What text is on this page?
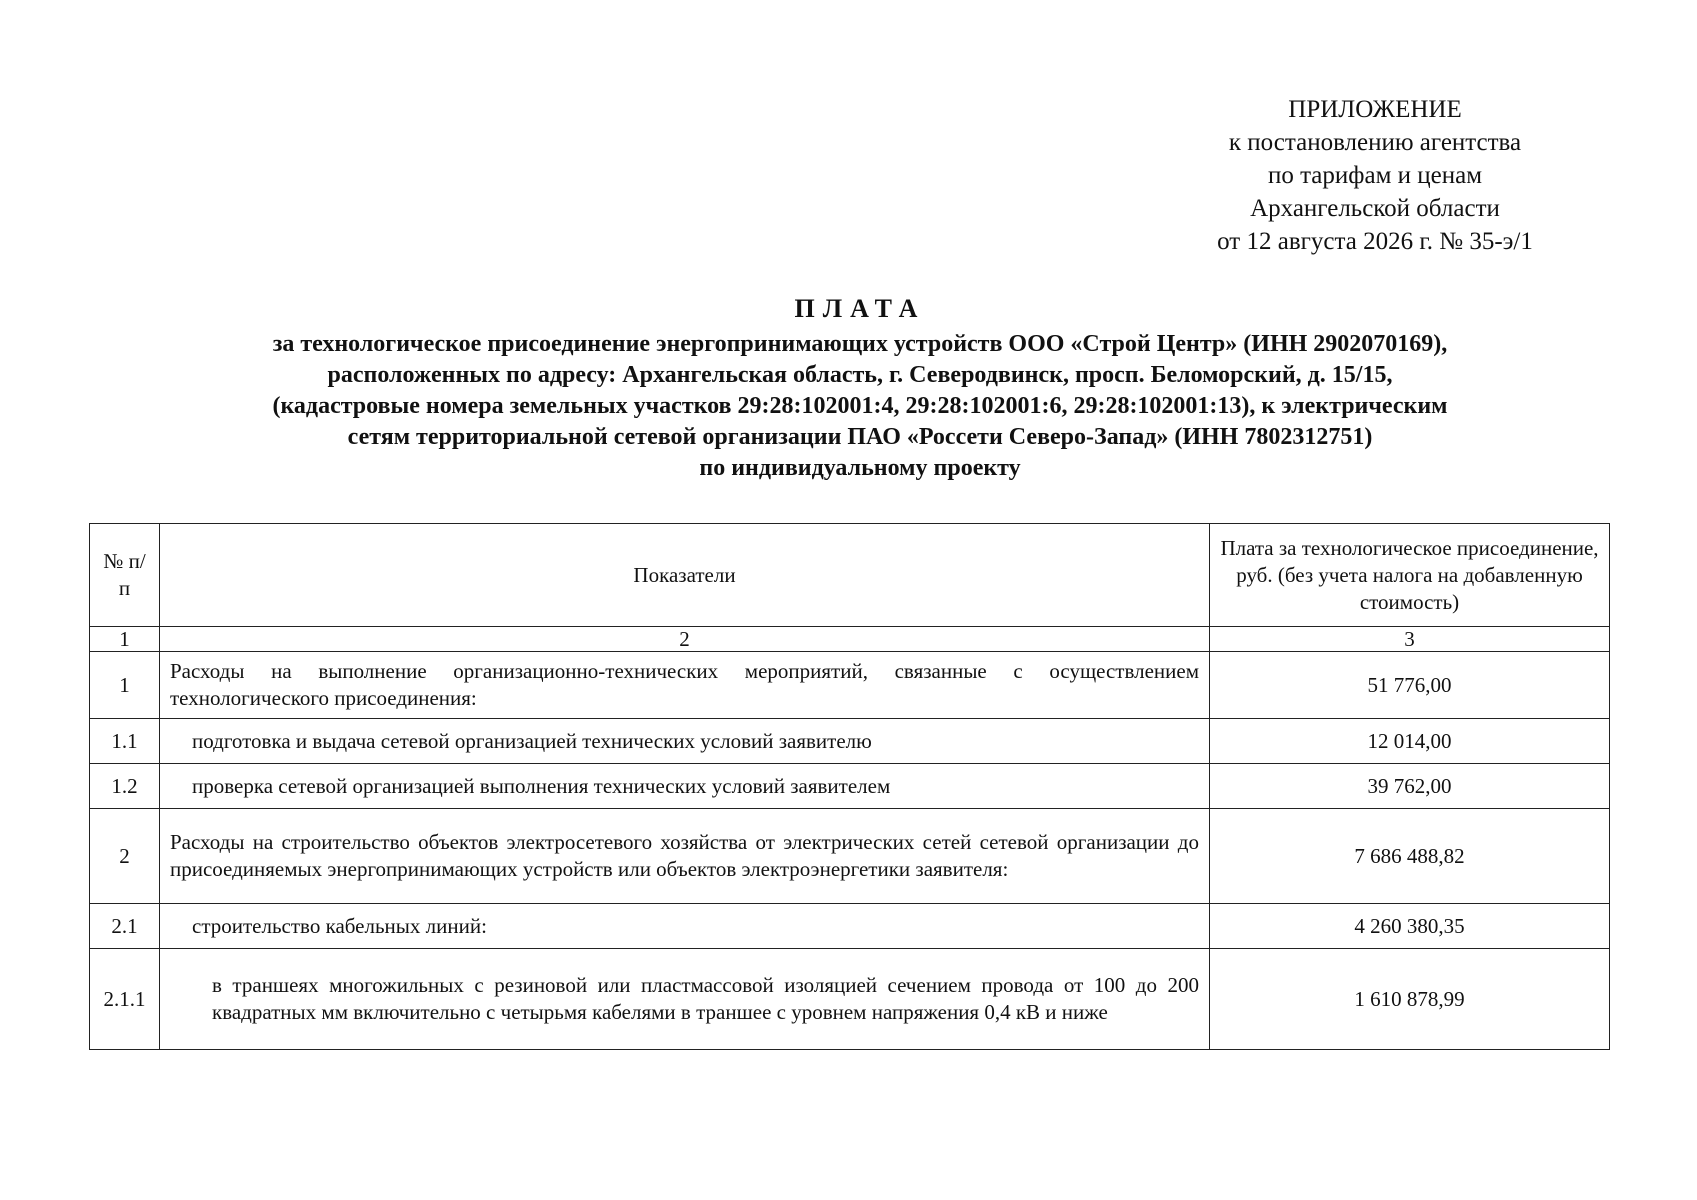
ПРИЛОЖЕНИЕ
к постановлению агентства
по тарифам и ценам
Архангельской области
от 12 августа 2026 г. № 35-э/1
ПЛАТА
за технологическое присоединение энергопринимающих устройств ООО «Строй Центр» (ИНН 2902070169),
расположенных по адресу: Архангельская область, г. Северодвинск, просп. Беломорский, д. 15/15,
(кадастровые номера земельных участков 29:28:102001:4, 29:28:102001:6, 29:28:102001:13), к электрическим
сетям территориальной сетевой организации ПАО «Россети Северо-Запад» (ИНН 7802312751)
по индивидуальному проекту
№ п/п	Показатели	Плата за технологическое присоединение, руб. (без учета налога на добавленную стоимость)
1	2	3
1	Расходы на выполнение организационно-технических мероприятий, связанные с осуществлением технологического присоединения:	51 776,00
1.1	подготовка и выдача сетевой организацией технических условий заявителю	12 014,00
1.2	проверка сетевой организацией выполнения технических условий заявителем	39 762,00
2	Расходы на строительство объектов электросетевого хозяйства от электрических сетей сетевой организации до присоединяемых энергопринимающих устройств или объектов электроэнергетики заявителя:	7 686 488,82
2.1	строительство кабельных линий:	4 260 380,35
2.1.1	в траншеях многожильных с резиновой или пластмассовой изоляцией сечением провода от 100 до 200 квадратных мм включительно с четырьмя кабелями в траншее с уровнем напряжения 0,4 кВ и ниже	1 610 878,99
